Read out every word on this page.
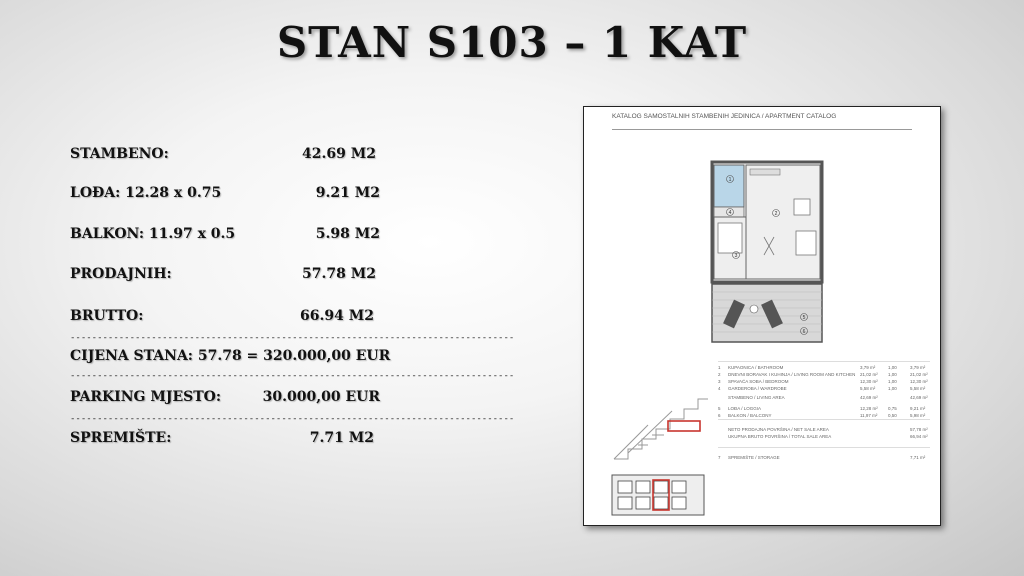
STAN S103 – 1 KAT
STAMBENO:	42.69 M2
LOĐA: 12.28 x 0.75	9.21 M2
BALKON: 11.97 x 0.5	5.98 M2
PRODAJNIH:	57.78 M2
BRUTTO:	66.94 M2
----------------------------------------------------------------------------------
CIJENA STANA: 57.78 = 320.000,00 EUR
----------------------------------------------------------------------------------
PARKING MJESTO:	30.000,00 EUR
----------------------------------------------------------------------------------
SPREMIŠTE:	7.71 M2
KATALOG SAMOSTALNIH STAMBENIH JEDINICA / APARTMENT CATALOG
1
2
3
4
5
6
1 KUPAONICA / BATHROOM	3,79 m²	1,00	3,79 m²
2 DNEVNI BORAVAK I KUHINJA / LIVING ROOM AND KITCHEN 21,02 m² 1,00	21,02 m²
3 SPAVAĆA SOBA / BEDROOM	12,30 m² 1,00	12,30 m²
4 GARDEROBA / WARDROBE	5,58 m²	1,00	5,58 m²
STAMBENO / LIVING AREA	42,69 m²	42,69 m²
5 LOĐA / LOGGIA	12,28 m² 0,75	9,21 m²
6 BALKON / BALCONY	11,97 m² 0,50	5,98 m²
NETO PRODAJNA POVRŠINA / NET SALE AREA	57,78 m²
UKUPNA BRUTO POVRŠINA / TOTAL SALE AREA	66,94 m²
7 SPREMIŠTE / STORAGE	7,71 m²
